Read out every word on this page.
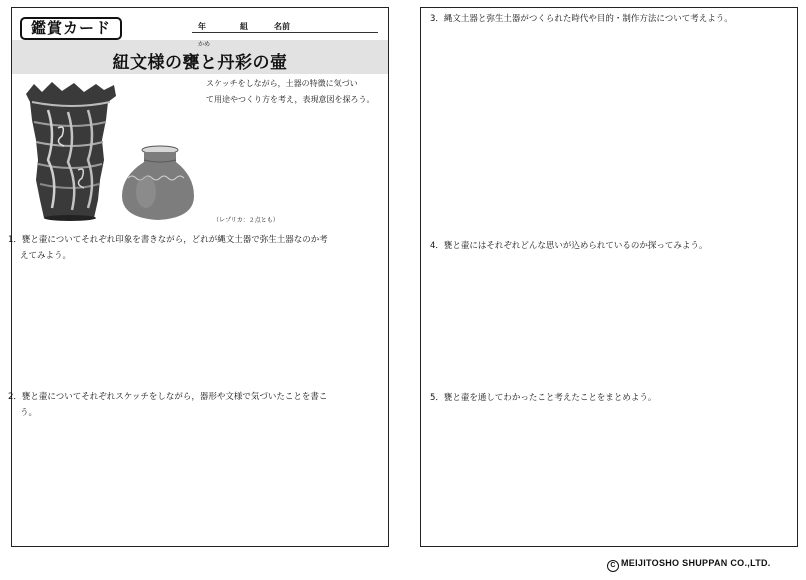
鑑賞カード	年	組	名前
かめ
紐文様の甕と丹彩の壷
スケッチをしながら，土器の特徴に気づい
て用途やつくり方を考え，表現意図を探ろう。
（レプリカ：２点とも）
1．甕と壷についてそれぞれ印象を書きながら，どれが縄文土器で弥生土器なのか考
えてみよう。
2．甕と壷についてそれぞれスケッチをしながら，器形や文様で気づいたことを書こ
う。
3．縄文土器と弥生土器がつくられた時代や目的・制作方法について考えよう。
4．甕と壷にはそれぞれどんな思いが込められているのか探ってみよう。
5．甕と壷を通してわかったこと考えたことをまとめよう。
C MEIJITOSHO SHUPPAN CO.,LTD.
